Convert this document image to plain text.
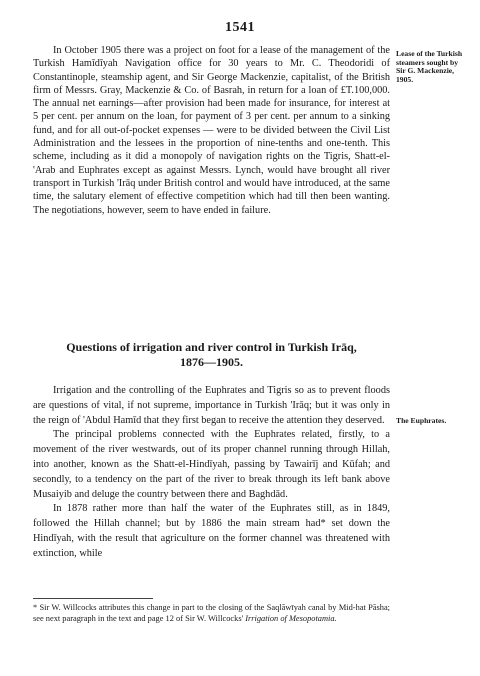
1541

In October 1905 there was a project on foot for a lease of the management of the Turkish Hamīdīyah Navigation office for 30 years to Mr. C. Theodoridi of Constantinople, steamship agent, and Sir George Mackenzie, capitalist, of the British firm of Messrs. Gray, Mackenzie & Co. of Basrah, in return for a loan of £T.100,000. The annual net earnings—after provision had been made for insurance, for interest at 5 per cent. per annum on the loan, for payment of 3 per cent. per annum to a sinking fund, and for all out-of-pocket expenses — were to be divided between the Civil List Administration and the lessees in the proportion of nine-tenths and one-tenth. This scheme, including as it did a monopoly of navigation rights on the Tigris, Shatt-el-'Arab and Euphrates except as against Messrs. Lynch, would have brought all river transport in Turkish 'Irāq under British control and would have introduced, at the same time, the salutary element of effective competition which had till then been wanting. The negotiations, however, seem to have ended in failure.

Lease of the Turkish steamers sought by Sir G. Mackenzie, 1905.
Questions of irrigation and river control in Turkish Irāq,
1876—1905.

Irrigation and the controlling of the Euphrates and Tigris so as to prevent floods are questions of vital, if not supreme, importance in Turkish 'Irāq; but it was only in the reign of 'Abdul Hamīd that they first began to receive the attention they deserved.

The principal problems connected with the Euphrates related, firstly, to a movement of the river westwards, out of its proper channel running through Hillah, into another, known as the Shatt-el-Hindīyah, passing by Tawairīj and Kūfah; and secondly, to a tendency on the part of the river to break through its left bank above Musaiyib and deluge the country between there and Baghdād.

In 1878 rather more than half the water of the Euphrates still, as in 1849, followed the Hillah channel; but by 1886 the main stream had* set down the Hindīyah, with the result that agriculture on the former channel was threatened with extinction, while

The Euphrates.
* Sir W. Willcocks attributes this change in part to the closing of the Saqlāwīyah canal by Mid-hat Pāsha; see next paragraph in the text and page 12 of Sir W. Willcocks' Irrigation of Mesopotamia.
